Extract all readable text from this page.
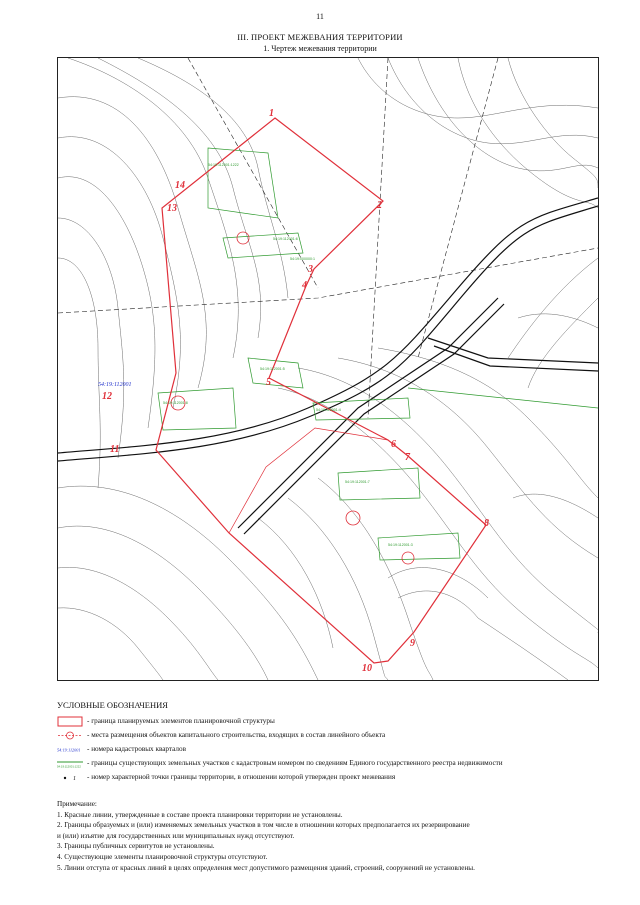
11
III. ПРОЕКТ МЕЖЕВАНИЯ ТЕРРИТОРИИ
1. Чертеж межевания территории
1
2
3
4
5
6
7
8
9
10
11
12
13
14
54:19:112001
54:19:112001:1222
54:19:112001:6
54:19:000000:1
54:19:112001:5
54:19:112001:4
54:19:112001:7
54:19:112001:3
54:19:112001:8
УСЛОВНЫЕ ОБОЗНАЧЕНИЯ
- граница планируемых элементов планировочной структуры
- места размещения объектов капитального строительства, входящих в состав линейного объекта
54:19:112001 - номера кадастровых кварталов
54:19:112001:1222 - границы существующих земельных участков с кадастровым номером по сведениям Единого государственного реестра недвижимости
1 - номер характерной точки границы территории, в отношении которой утвержден проект межевания
Примечание:
1. Красные линии, утвержденные в составе проекта планировки территории не установлены.
2. Границы образуемых и (или) изменяемых земельных участков в том числе в отношении которых предполагается их резервирование
и (или) изъятие для государственных или муниципальных нужд отсутствуют.
3. Границы публичных сервитутов не установлены.
4. Существующие элементы планировочной структуры отсутствуют.
5. Линии отступа от красных линий в целях определения мест допустимого размещения зданий, строений, сооружений не установлены.
